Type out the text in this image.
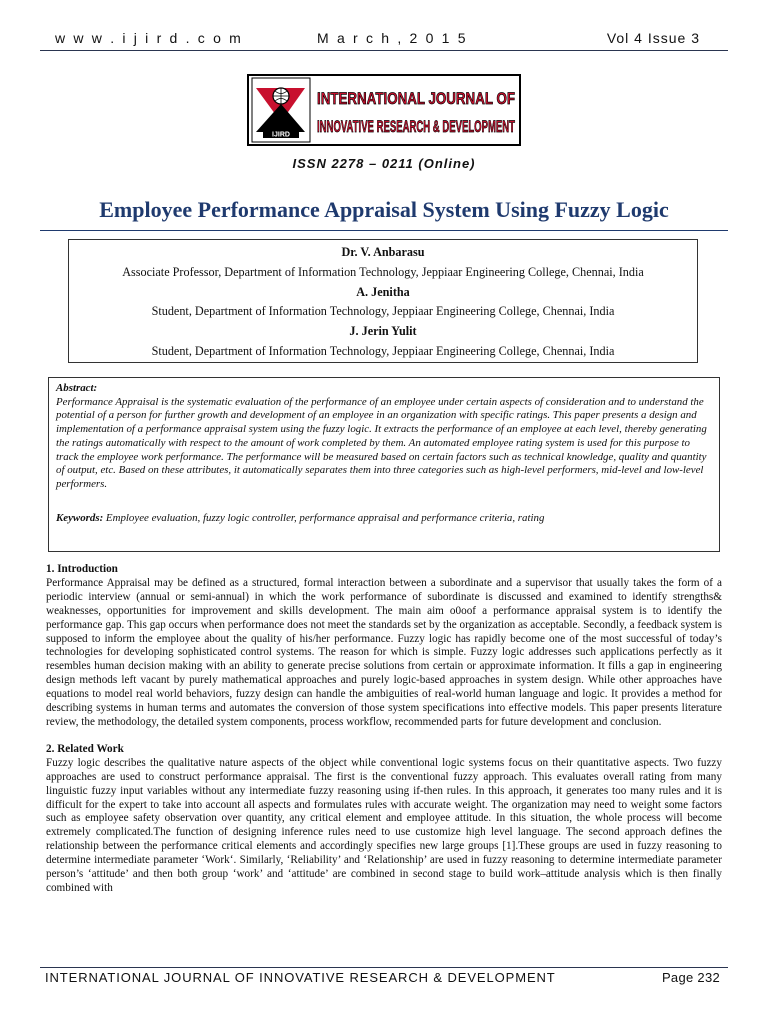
w w w . i j i r d . c o m	M a r c h , 2 0 1 5	Vol 4 Issue 3
IJIRD
INTERNATIONAL JOURNAL OF
INNOVATIVE RESEARCH & DEVELOPMENT
ISSN 2278 – 0211 (Online)
Employee Performance Appraisal System Using Fuzzy Logic
Dr. V. Anbarasu
Associate Professor, Department of Information Technology, Jeppiaar Engineering College, Chennai, India
A. Jenitha
Student, Department of Information Technology, Jeppiaar Engineering College, Chennai, India
J. Jerin Yulit
Student, Department of Information Technology, Jeppiaar Engineering College, Chennai, India
Abstract:
Performance Appraisal is the systematic evaluation of the performance of an employee under certain aspects of consideration and to understand the potential of a person for further growth and development of an employee in an organization with specific ratings. This paper presents a design and implementation of a performance appraisal system using the fuzzy logic. It extracts the performance of an employee at each level, thereby generating the ratings automatically with respect to the amount of work completed by them. An automated employee rating system is used for this purpose to track the employee work performance. The performance will be measured based on certain factors such as technical knowledge, quality and quantity of output, etc. Based on these attributes, it automatically separates them into three categories such as high-level performers, mid-level and low-level performers.
Keywords: Employee evaluation, fuzzy logic controller, performance appraisal and performance criteria, rating
1. Introduction

Performance Appraisal may be defined as a structured, formal interaction between a subordinate and a supervisor that usually takes the form of a periodic interview (annual or semi-annual) in which the work performance of subordinate is discussed and examined to identify strengths& weaknesses, opportunities for improvement and skills development. The main aim o0oof a performance appraisal system is to identify the performance gap. This gap occurs when performance does not meet the standards set by the organization as acceptable. Secondly, a feedback system is supposed to inform the employee about the quality of his/her performance. Fuzzy logic has rapidly become one of the most successful of today’s technologies for developing sophisticated control systems. The reason for which is simple. Fuzzy logic addresses such applications perfectly as it resembles human decision making with an ability to generate precise solutions from certain or approximate information. It fills a gap in engineering design methods left vacant by purely mathematical approaches and purely logic-based approaches in system design. While other approaches have equations to model real world behaviors, fuzzy design can handle the ambiguities of real-world human language and logic. It provides a method for describing systems in human terms and automates the conversion of those system specifications into effective models. This paper presents literature review, the methodology, the detailed system components, process workflow, recommended parts for future development and conclusion.

2. Related Work

Fuzzy logic describes the qualitative nature aspects of the object while conventional logic systems focus on their quantitative aspects. Two fuzzy approaches are used to construct performance appraisal. The first is the conventional fuzzy approach. This evaluates overall rating from many linguistic fuzzy input variables without any intermediate fuzzy reasoning using if-then rules. In this approach, it generates too many rules and it is difficult for the expert to take into account all aspects and formulates rules with accurate weight. The organization may need to weight some factors such as employee safety observation over quantity, any critical element and employee attitude. In this situation, the whole process will become extremely complicated.The function of designing inference rules need to use customize high level language. The second approach defines the relationship between the performance critical elements and accordingly specifies new large groups [1].These groups are used in fuzzy reasoning to determine intermediate parameter ‘Work‘. Similarly, ‘Reliability’ and ‘Relationship’ are used in fuzzy reasoning to determine intermediate parameter person’s ‘attitude’ and then both group ‘work’ and ‘attitude’ are combined in second stage to build work–attitude analysis which is then finally combined with

INTERNATIONAL JOURNAL OF INNOVATIVE RESEARCH & DEVELOPMENT	Page 232
